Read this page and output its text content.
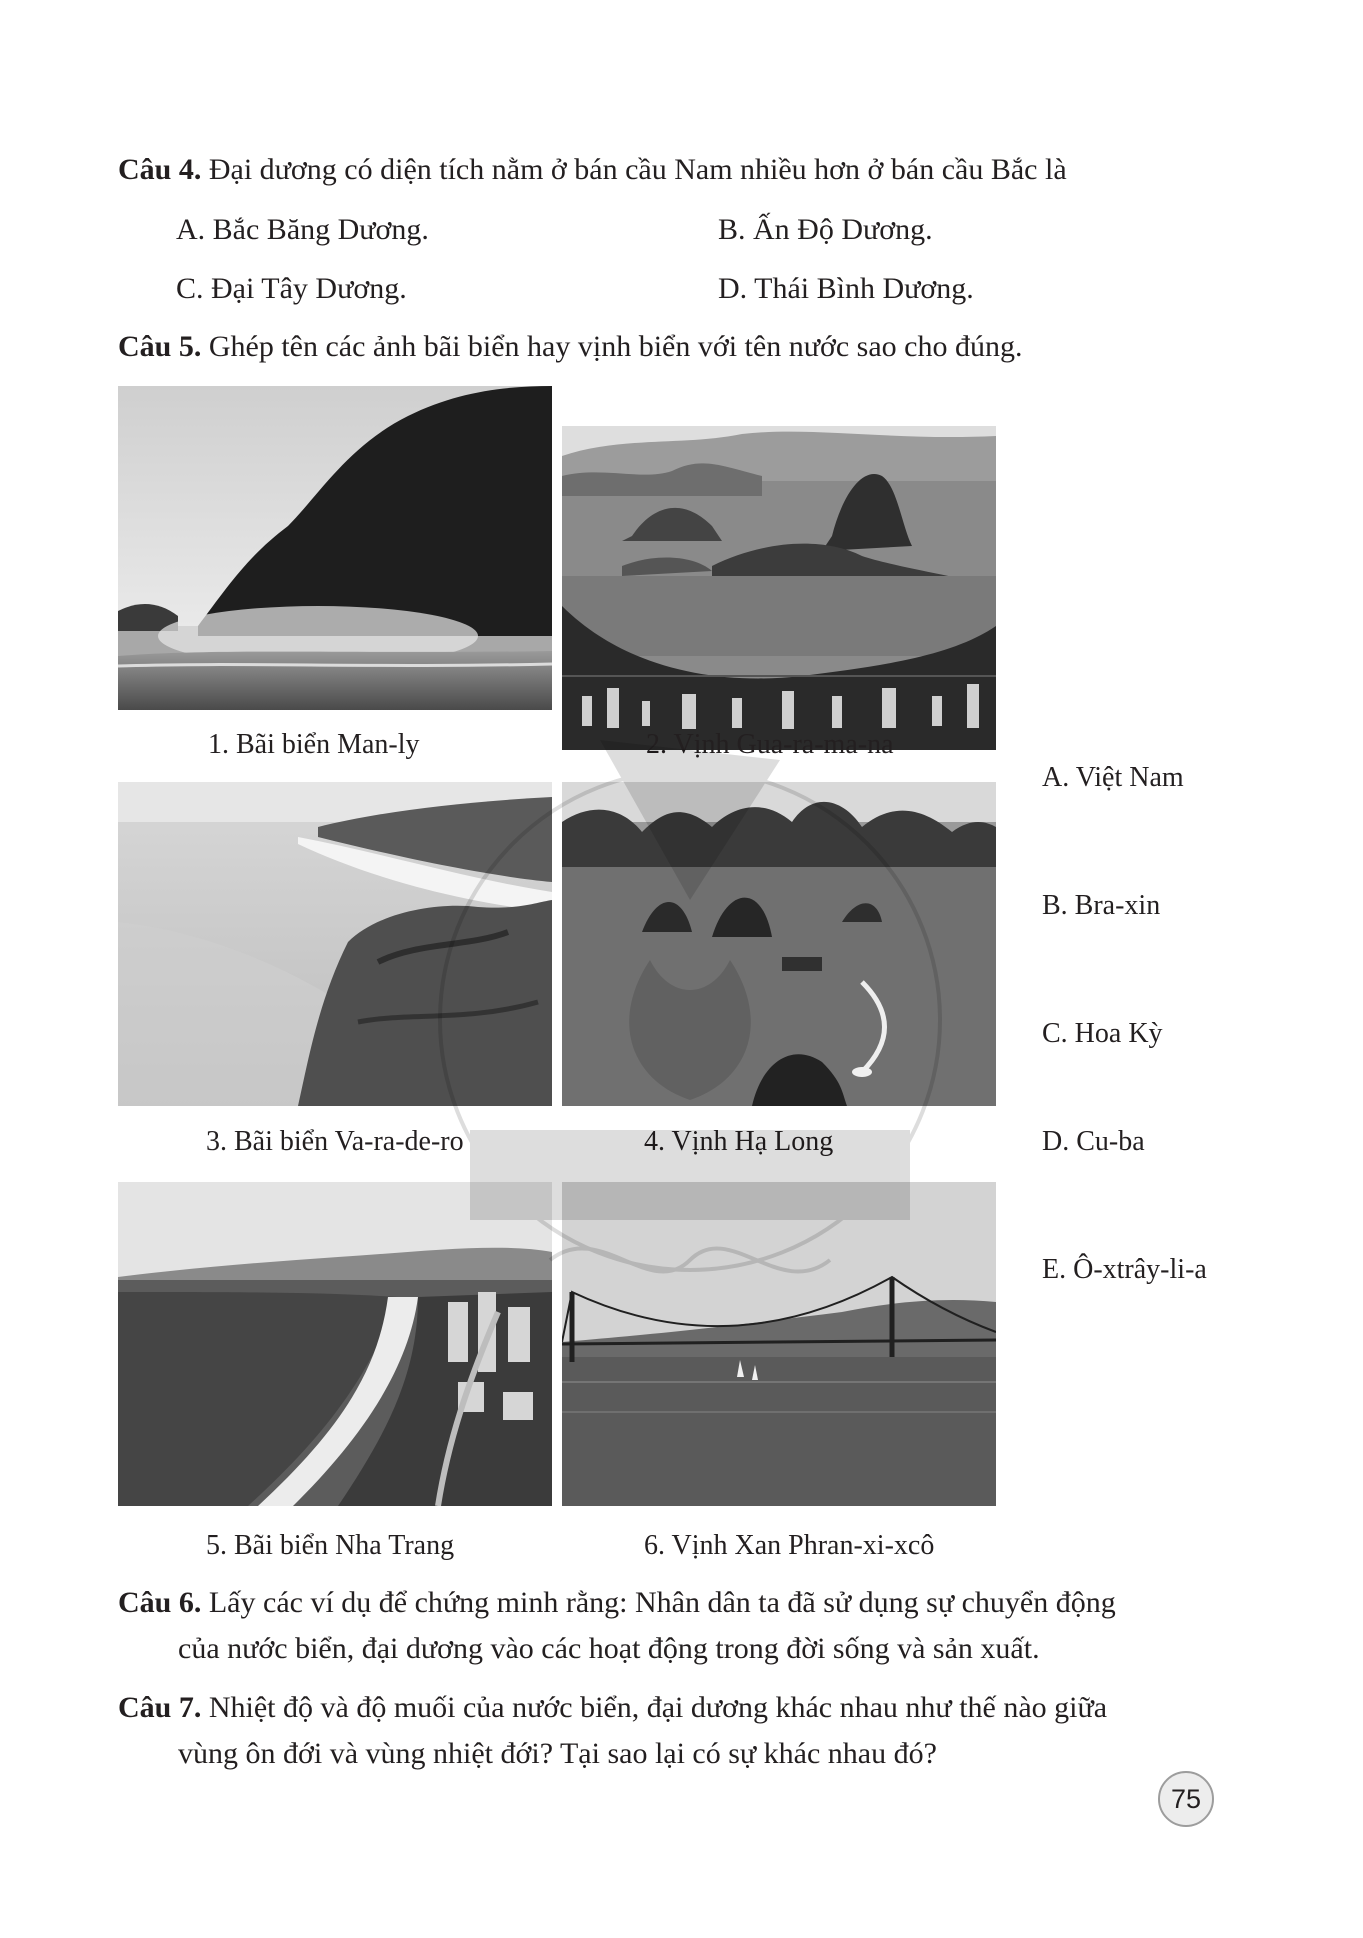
Câu 4. Đại dương có diện tích nằm ở bán cầu Nam nhiều hơn ở bán cầu Bắc là
A. Bắc Băng Dương.	B. Ấn Độ Dương.
C. Đại Tây Dương.	D. Thái Bình Dương.
Câu 5. Ghép tên các ảnh bãi biển hay vịnh biển với tên nước sao cho đúng.
1. Bãi biển Man-ly	2. Vịnh Gua-ra-ma-na
3. Bãi biển Va-ra-de-ro	4. Vịnh Hạ Long
5. Bãi biển Nha Trang	6. Vịnh Xan Phran-xi-xcô
A. Việt Nam
B. Bra-xin
C. Hoa Kỳ
D. Cu-ba
E. Ô-xtrây-li-a
Câu 6. Lấy các ví dụ để chứng minh rằng: Nhân dân ta đã sử dụng sự chuyển động
của nước biển, đại dương vào các hoạt động trong đời sống và sản xuất.
Câu 7. Nhiệt độ và độ muối của nước biển, đại dương khác nhau như thế nào giữa
vùng ôn đới và vùng nhiệt đới? Tại sao lại có sự khác nhau đó?
75
